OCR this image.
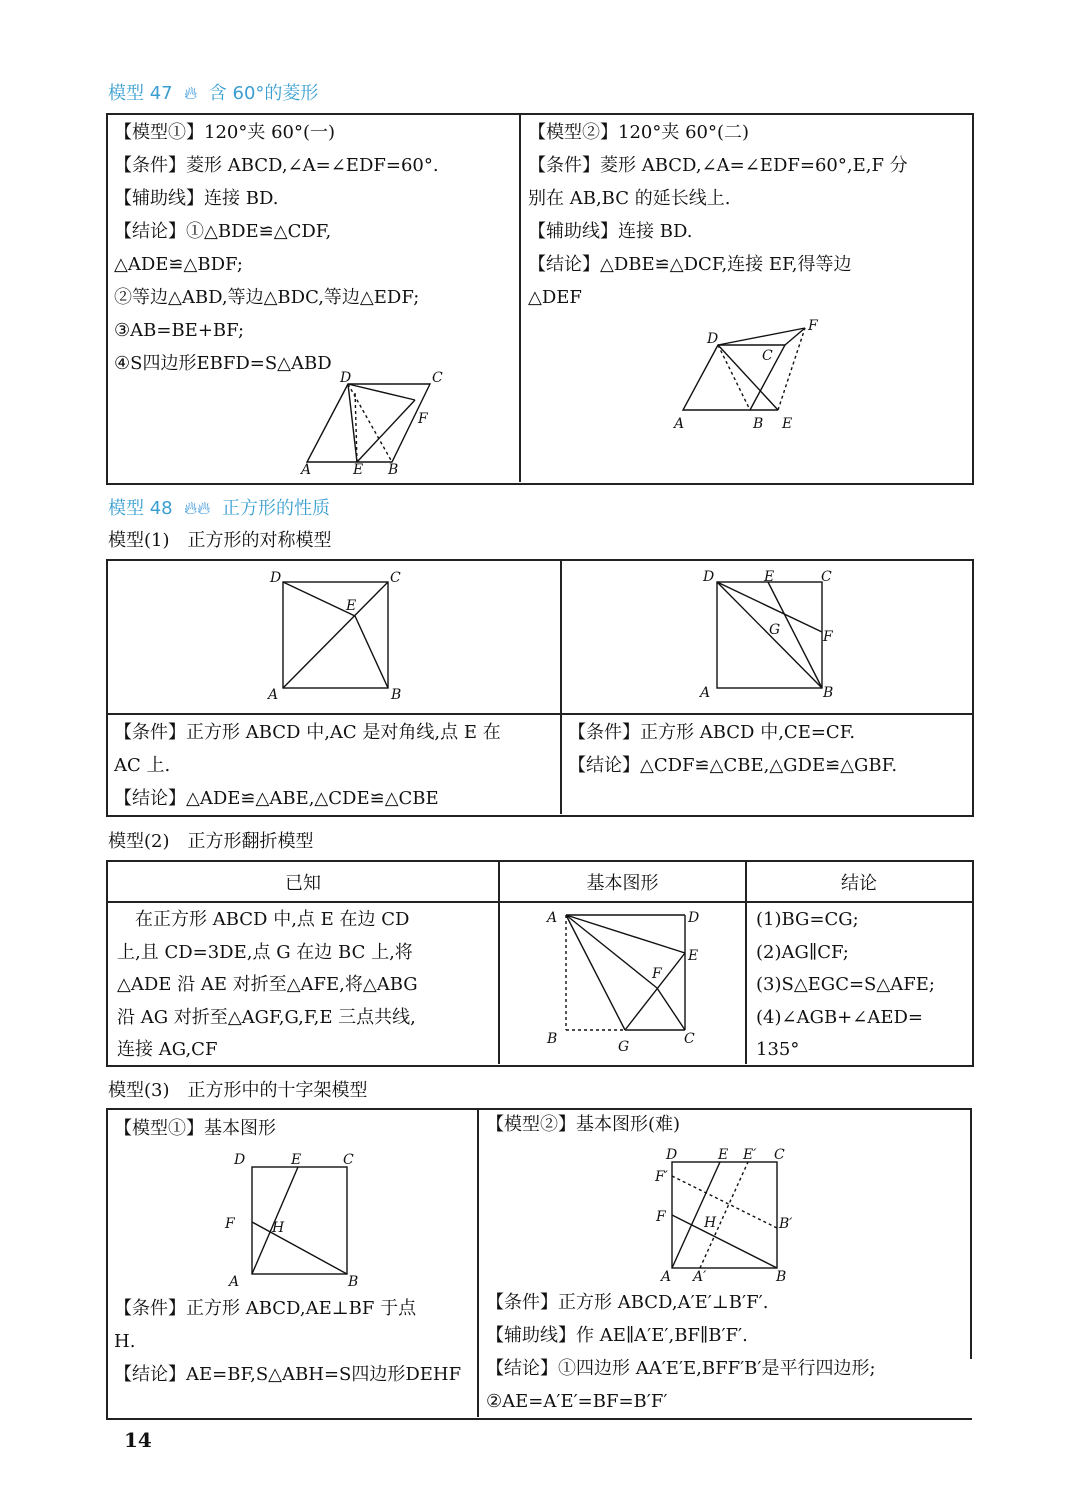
模型 47  🔥︎  含 60°的菱形
【模型①】120°夹 60°(一)
【条件】菱形 ABCD,∠A=∠EDF=60°.
【辅助线】连接 BD.
【结论】①△BDE≌△CDF,
△ADE≌△BDF;
②等边△ABD,等边△BDC,等边△EDF;
③AB=BE+BF;
④S四边形EBFD=S△ABD
【模型②】120°夹 60°(二)
【条件】菱形 ABCD,∠A=∠EDF=60°,E,F 分
别在 AB,BC 的延长线上.
【辅助线】连接 BD.
【结论】△DBE≌△DCF,连接 EF,得等边
△DEF
模型 48  🔥︎🔥︎  正方形的性质
模型(1)　正方形的对称模型
【条件】正方形 ABCD 中,AC 是对角线,点 E 在
AC 上.
【结论】△ADE≌△ABE,△CDE≌△CBE
【条件】正方形 ABCD 中,CE=CF.
【结论】△CDF≌△CBE,△GDE≌△GBF.
模型(2)　正方形翻折模型
已知	基本图形	结论
　在正方形 ABCD 中,点 E 在边 CD
上,且 CD=3DE,点 G 在边 BC 上,将
△ADE 沿 AE 对折至△AFE,将△ABG
沿 AG 对折至△AGF,G,F,E 三点共线,
连接 AG,CF
(1)BG=CG;
(2)AG∥CF;
(3)S△EGC=S△AFE;
(4)∠AGB+∠AED=
135°
模型(3)　正方形中的十字架模型
【模型①】基本图形
【条件】正方形 ABCD,AE⊥BF 于点
H.
【结论】AE=BF,S△ABH=S四边形DEHF
【模型②】基本图形(难)
【条件】正方形 ABCD,A′E′⊥B′F′.
【辅助线】作 AE∥A′E′,BF∥B′F′.
【结论】①四边形 AA′E′E,BFF′B′是平行四边形;
②AE=A′E′=BF=B′F′
14
A	B
C
D
E
F	A	B
C
D
E
F
A	B
C
D
E
A	B
C
D	E
F
G
A
B	C
D
E
F
G
A	B
C
D	E
F	H
A A′	B
B′
C
D	E E′
F
F′
H
